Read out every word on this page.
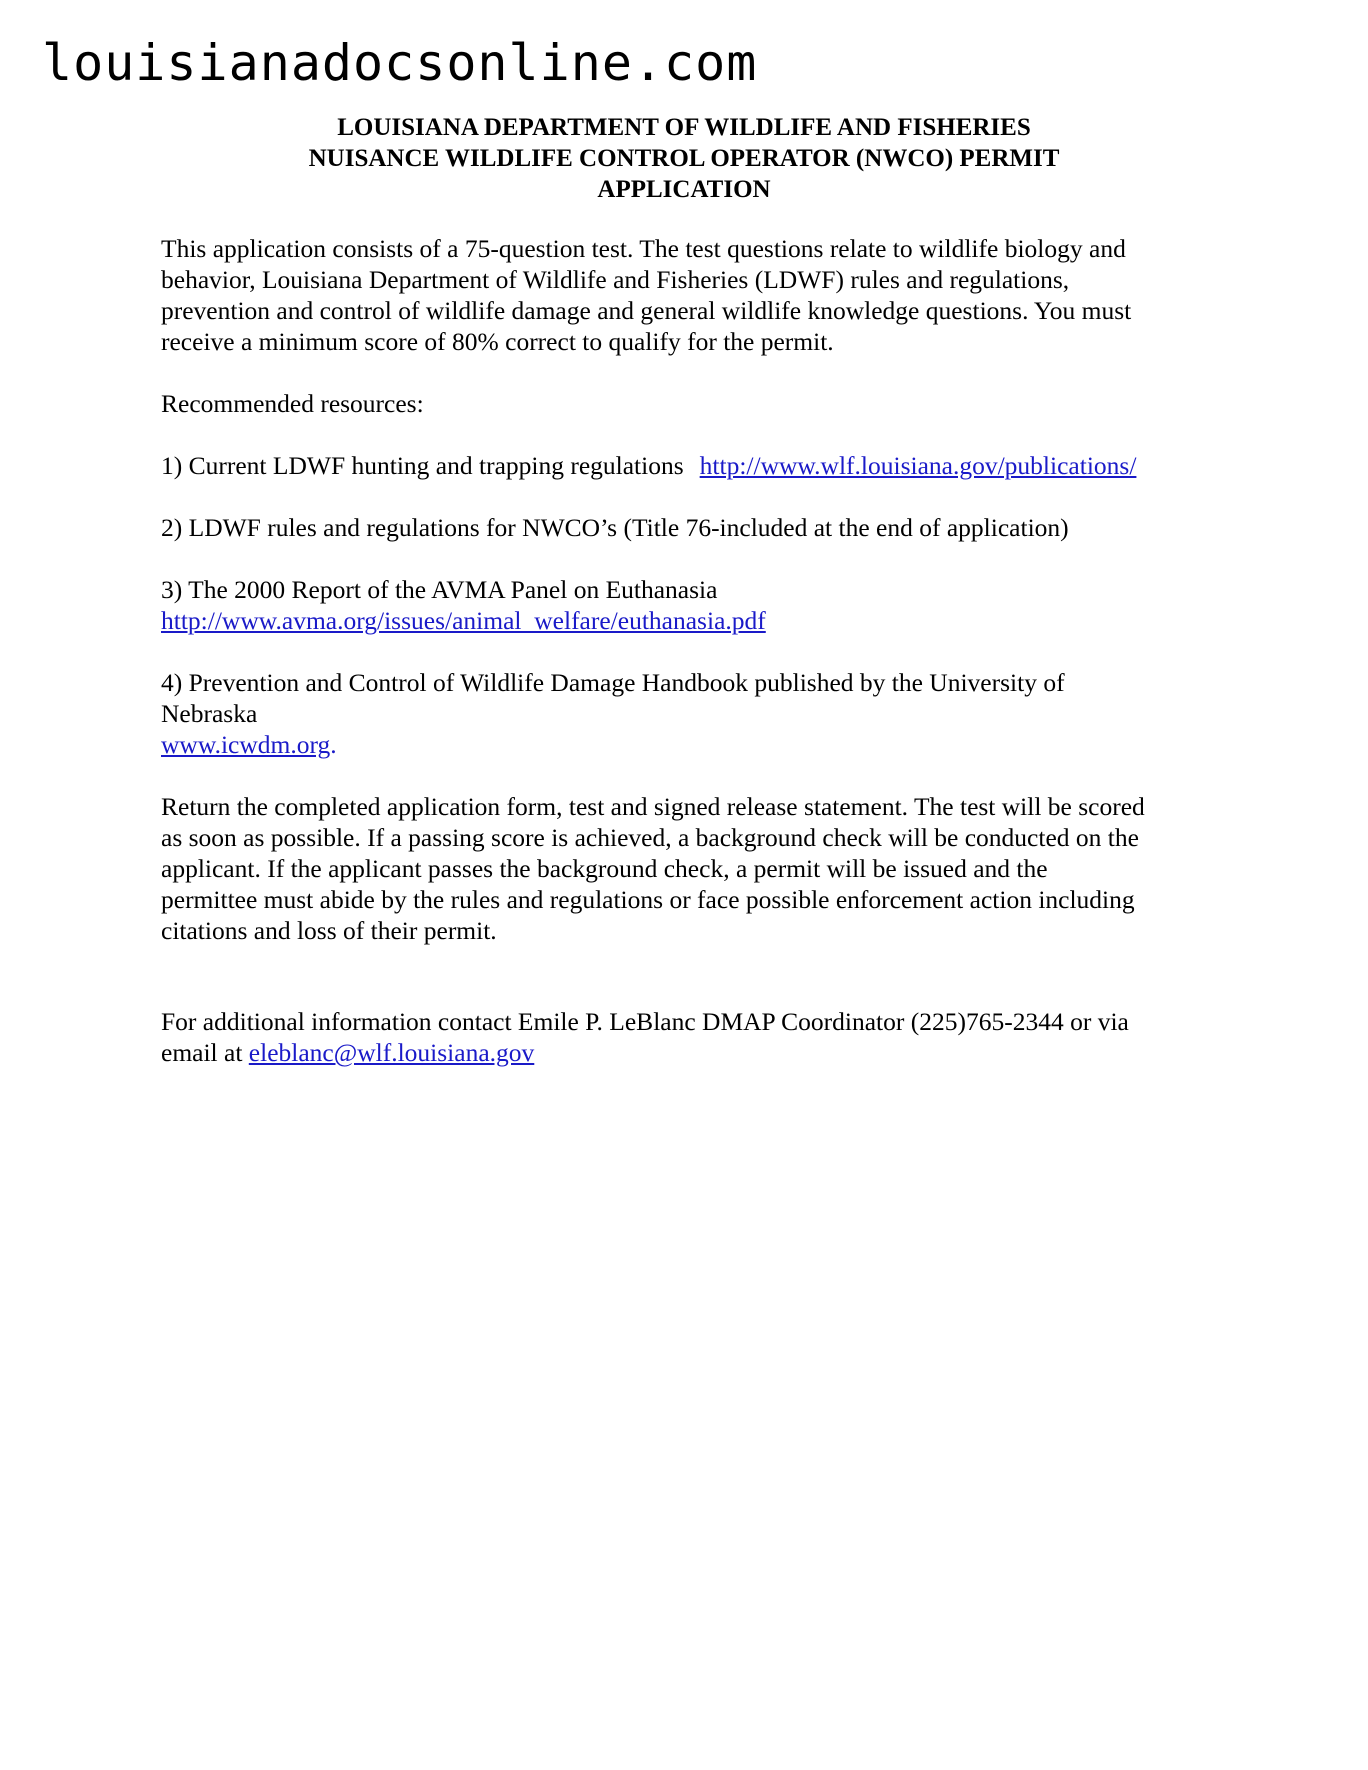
louisianadocsonline.com
LOUISIANA DEPARTMENT OF WILDLIFE AND FISHERIES
NUISANCE WILDLIFE CONTROL OPERATOR (NWCO) PERMIT
APPLICATION

This application consists of a 75-question test. The test questions relate to wildlife biology and

behavior, Louisiana Department of Wildlife and Fisheries (LDWF) rules and regulations,

prevention and control of wildlife damage and general wildlife knowledge questions. You must

receive a minimum score of 80% correct to qualify for the permit.

Recommended resources:

1) Current LDWF hunting and trapping regulations http://www.wlf.louisiana.gov/publications/

2) LDWF rules and regulations for NWCO’s (Title 76-included at the end of application)

3) The 2000 Report of the AVMA Panel on Euthanasia

http://www.avma.org/issues/animal_welfare/euthanasia.pdf

4) Prevention and Control of Wildlife Damage Handbook published by the University of

Nebraska

www.icwdm.org.

Return the completed application form, test and signed release statement. The test will be scored

as soon as possible. If a passing score is achieved, a background check will be conducted on the

applicant. If the applicant passes the background check, a permit will be issued and the

permittee must abide by the rules and regulations or face possible enforcement action including

citations and loss of their permit.

For additional information contact Emile P. LeBlanc DMAP Coordinator (225)765-2344 or via

email at eleblanc@wlf.louisiana.gov
